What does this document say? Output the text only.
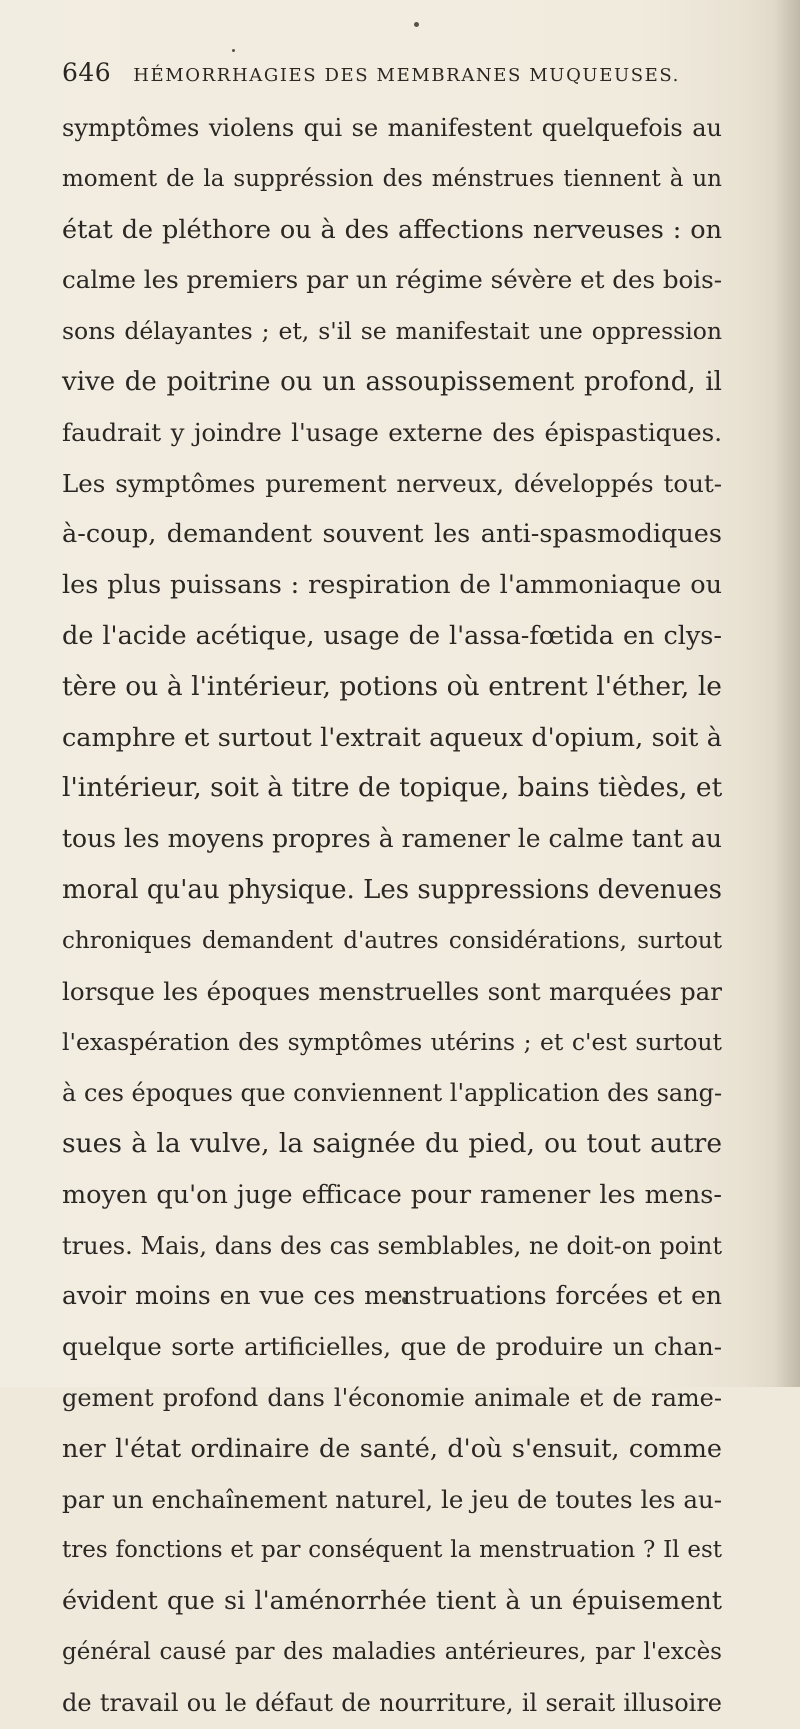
646 HÉMORRHAGIES DES MEMBRANES MUQUEUSES.
symptômes violens qui se manifestent quelquefois au
moment de la suppréssion des ménstrues tiennent à un
état de pléthore ou à des affections nerveuses : on
calme les premiers par un régime sévère et des bois-
sons délayantes ; et, s'il se manifestait une oppression
vive de poitrine ou un assoupissement profond, il
faudrait y joindre l'usage externe des épispastiques.
Les symptômes purement nerveux, développés tout-
à-coup, demandent souvent les anti-spasmodiques
les plus puissans : respiration de l'ammoniaque ou
de l'acide acétique, usage de l'assa-fœtida en clys-
tère ou à l'intérieur, potions où entrent l'éther, le
camphre et surtout l'extrait aqueux d'opium, soit à
l'intérieur, soit à titre de topique, bains tièdes, et
tous les moyens propres à ramener le calme tant au
moral qu'au physique. Les suppressions devenues
chroniques demandent d'autres considérations, surtout
lorsque les époques menstruelles sont marquées par
l'exaspération des symptômes utérins ; et c'est surtout
à ces époques que conviennent l'application des sang-
sues à la vulve, la saignée du pied, ou tout autre
moyen qu'on juge efficace pour ramener les mens-
trues. Mais, dans des cas semblables, ne doit-on point
avoir moins en vue ces menstruations forcées et en
quelque sorte artificielles, que de produire un chan-
gement profond dans l'économie animale et de rame-
ner l'état ordinaire de santé, d'où s'ensuit, comme
par un enchaînement naturel, le jeu de toutes les au-
tres fonctions et par conséquent la menstruation ? Il est
évident que si l'aménorrhée tient à un épuisement
général causé par des maladies antérieures, par l'excès
de travail ou le défaut de nourriture, il serait illusoire
